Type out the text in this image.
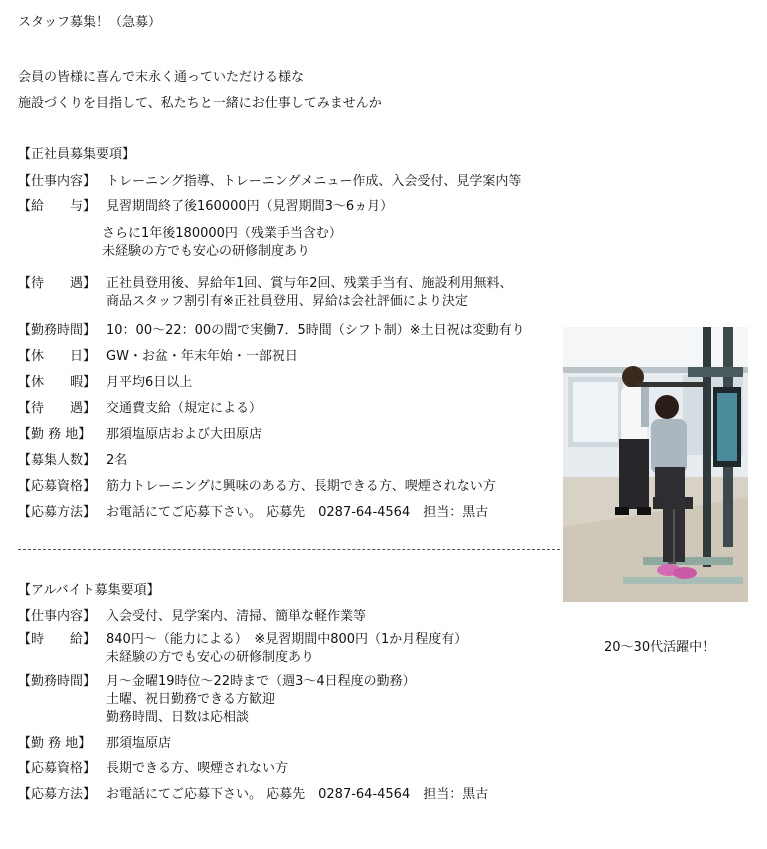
スタッフ募集！（急募）
会員の皆様に喜んで末永く通っていただける様な
施設づくりを目指して、私たちと一緒にお仕事してみませんか
【正社員募集要項】
【仕事内容】 トレーニング指導、トレーニングメニュー作成、入会受付、見学案内等
【給　　与】 見習期間終了後160000円（見習期間3～6ヵ月）
さらに1年後180000円（残業手当含む）
未経験の方でも安心の研修制度あり
【待　　遇】 正社員登用後、昇給年1回、賞与年2回、残業手当有、施設利用無料、
商品スタッフ割引有※正社員登用、昇給は会社評価により決定
【勤務時間】 10：00～22：00の間で実働7．5時間（シフト制）※土日祝は変動有り
【休　　日】 GW・お盆・年末年始・一部祝日
【休　　暇】 月平均6日以上
【待　　遇】 交通費支給（規定による）
【勤 務 地】 那須塩原店および大田原店
【募集人数】 2名
【応募資格】 筋力トレーニングに興味のある方、長期できる方、喫煙されない方
【応募方法】 お電話にてご応募下さい。 応募先　0287-64-4564　担当：黒古
【アルバイト募集要項】
【仕事内容】 入会受付、見学案内、清掃、簡単な軽作業等
【時　　給】 840円～（能力による）　※見習期間中800円（1か月程度有）
未経験の方でも安心の研修制度あり
【勤務時間】 月～金曜19時位～22時まで（週3～4日程度の勤務）
土曜、祝日勤務できる方歓迎
勤務時間、日数は応相談
【勤 務 地】 那須塩原店
【応募資格】 長期できる方、喫煙されない方
【応募方法】 お電話にてご応募下さい。 応募先　0287-64-4564　担当：黒古
20～30代活躍中！
